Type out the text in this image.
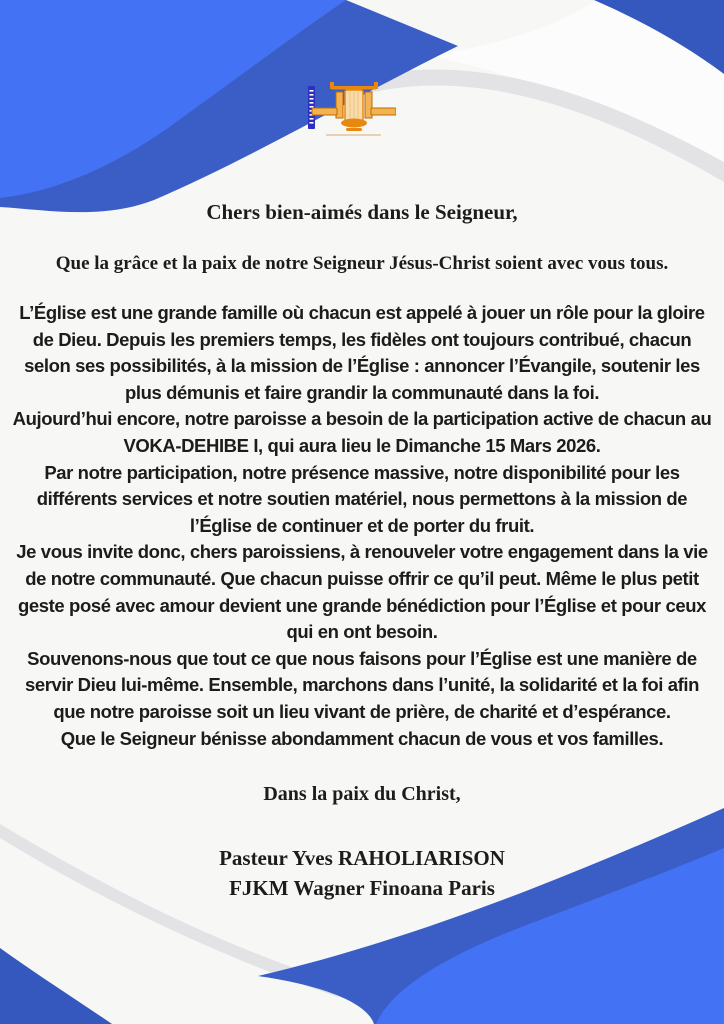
Chers bien-aimés dans le Seigneur,
Que la grâce et la paix de notre Seigneur Jésus-Christ soient avec vous tous.

L’Église est une grande famille où chacun est appelé à jouer un rôle pour la gloire de Dieu. Depuis les premiers temps, les fidèles ont toujours contribué, chacun selon ses possibilités, à la mission de l’Église : annoncer l’Évangile, soutenir les plus démunis et faire grandir la communauté dans la foi.

Aujourd’hui encore, notre paroisse a besoin de la participation active de chacun au VOKA-DEHIBE I, qui aura lieu le Dimanche 15 Mars 2026.

Par notre participation, notre présence massive, notre disponibilité pour les différents services et notre soutien matériel, nous permettons à la mission de l’Église de continuer et de porter du fruit.

Je vous invite donc, chers paroissiens, à renouveler votre engagement dans la vie de notre communauté. Que chacun puisse offrir ce qu’il peut. Même le plus petit geste posé avec amour devient une grande bénédiction pour l’Église et pour ceux qui en ont besoin.

Souvenons-nous que tout ce que nous faisons pour l’Église est une manière de servir Dieu lui-même. Ensemble, marchons dans l’unité, la solidarité et la foi afin que notre paroisse soit un lieu vivant de prière, de charité et d’espérance.

Que le Seigneur bénisse abondamment chacun de vous et vos familles.

Dans la paix du Christ,
Pasteur Yves RAHOLIARISON
FJKM Wagner Finoana Paris
